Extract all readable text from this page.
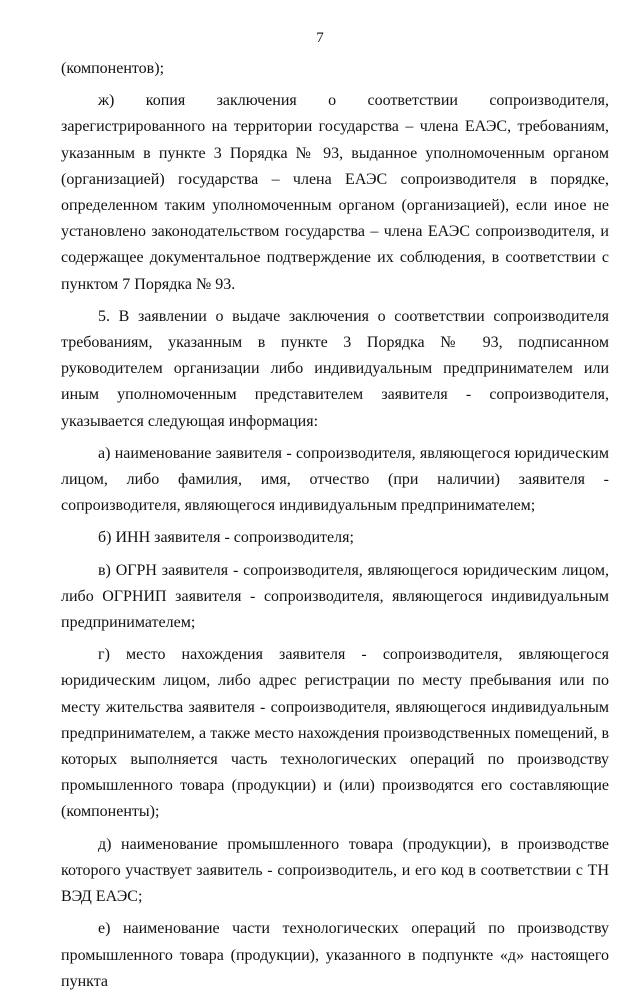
7

(компонентов);

ж) копия заключения о соответствии сопроизводителя, зарегистрированного на территории государства – члена ЕАЭС, требованиям, указанным в пункте 3 Порядка № 93, выданное уполномоченным органом (организацией) государства – члена ЕАЭС сопроизводителя в порядке, определенном таким уполномоченным органом (организацией), если иное не установлено законодательством государства – члена ЕАЭС сопроизводителя, и содержащее документальное подтверждение их соблюдения, в соответствии с пунктом 7 Порядка № 93.

5. В заявлении о выдаче заключения о соответствии сопроизводителя требованиям, указанным в пункте 3 Порядка № 93, подписанном руководителем организации либо индивидуальным предпринимателем или иным уполномоченным представителем заявителя - сопроизводителя, указывается следующая информация:

а) наименование заявителя - сопроизводителя, являющегося юридическим лицом, либо фамилия, имя, отчество (при наличии) заявителя - сопроизводителя, являющегося индивидуальным предпринимателем;

б) ИНН заявителя - сопроизводителя;

в) ОГРН заявителя - сопроизводителя, являющегося юридическим лицом, либо ОГРНИП заявителя - сопроизводителя, являющегося индивидуальным предпринимателем;

г) место нахождения заявителя - сопроизводителя, являющегося юридическим лицом, либо адрес регистрации по месту пребывания или по месту жительства заявителя - сопроизводителя, являющегося индивидуальным предпринимателем, а также место нахождения производственных помещений, в которых выполняется часть технологических операций по производству промышленного товара (продукции) и (или) производятся его составляющие (компоненты);

д) наименование промышленного товара (продукции), в производстве которого участвует заявитель - сопроизводитель, и его код в соответствии с ТН ВЭД ЕАЭС;

е) наименование части технологических операций по производству промышленного товара (продукции), указанного в подпункте «д» настоящего пункта
